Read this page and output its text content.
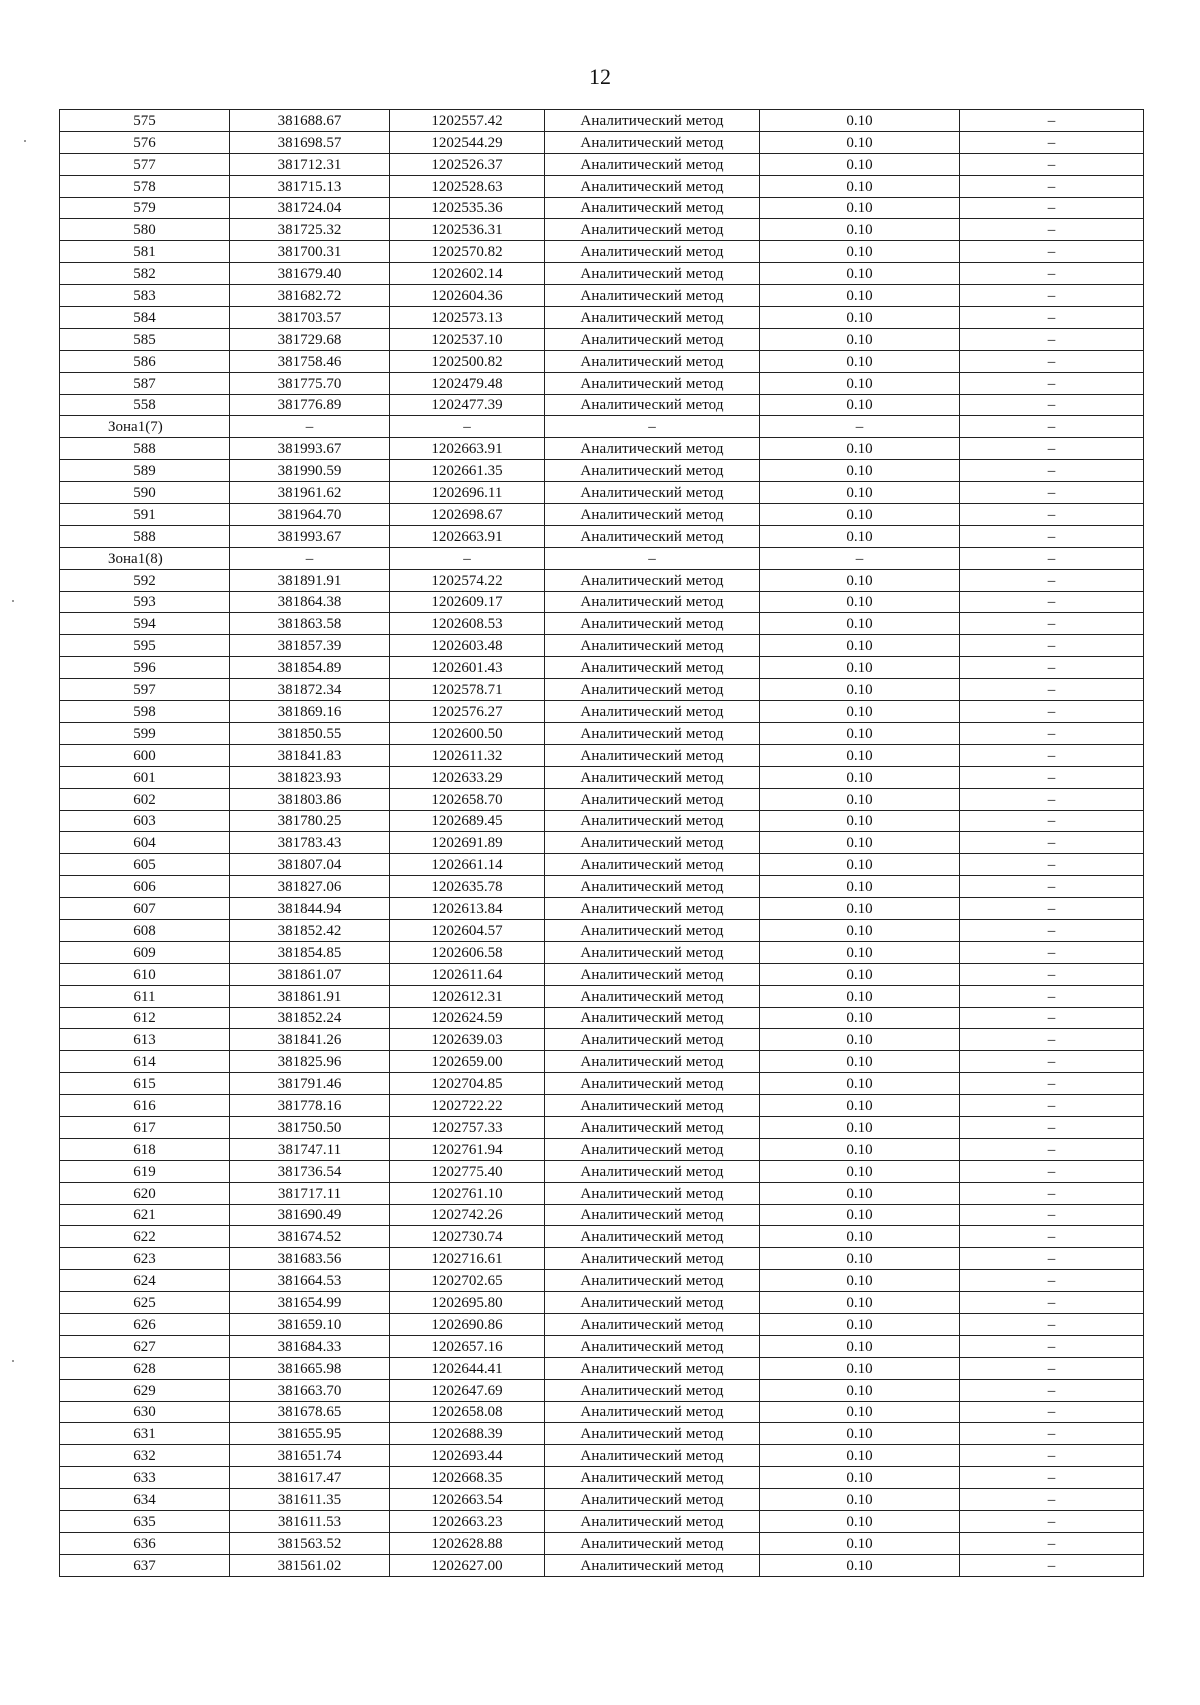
12
575	381688.67	1202557.42	Аналитический метод	0.10	–
576	381698.57	1202544.29	Аналитический метод	0.10	–
577	381712.31	1202526.37	Аналитический метод	0.10	–
578	381715.13	1202528.63	Аналитический метод	0.10	–
579	381724.04	1202535.36	Аналитический метод	0.10	–
580	381725.32	1202536.31	Аналитический метод	0.10	–
581	381700.31	1202570.82	Аналитический метод	0.10	–
582	381679.40	1202602.14	Аналитический метод	0.10	–
583	381682.72	1202604.36	Аналитический метод	0.10	–
584	381703.57	1202573.13	Аналитический метод	0.10	–
585	381729.68	1202537.10	Аналитический метод	0.10	–
586	381758.46	1202500.82	Аналитический метод	0.10	–
587	381775.70	1202479.48	Аналитический метод	0.10	–
558	381776.89	1202477.39	Аналитический метод	0.10	–
Зона1(7)	–	–	–	–	–
588	381993.67	1202663.91	Аналитический метод	0.10	–
589	381990.59	1202661.35	Аналитический метод	0.10	–
590	381961.62	1202696.11	Аналитический метод	0.10	–
591	381964.70	1202698.67	Аналитический метод	0.10	–
588	381993.67	1202663.91	Аналитический метод	0.10	–
Зона1(8)	–	–	–	–	–
592	381891.91	1202574.22	Аналитический метод	0.10	–
593	381864.38	1202609.17	Аналитический метод	0.10	–
594	381863.58	1202608.53	Аналитический метод	0.10	–
595	381857.39	1202603.48	Аналитический метод	0.10	–
596	381854.89	1202601.43	Аналитический метод	0.10	–
597	381872.34	1202578.71	Аналитический метод	0.10	–
598	381869.16	1202576.27	Аналитический метод	0.10	–
599	381850.55	1202600.50	Аналитический метод	0.10	–
600	381841.83	1202611.32	Аналитический метод	0.10	–
601	381823.93	1202633.29	Аналитический метод	0.10	–
602	381803.86	1202658.70	Аналитический метод	0.10	–
603	381780.25	1202689.45	Аналитический метод	0.10	–
604	381783.43	1202691.89	Аналитический метод	0.10	–
605	381807.04	1202661.14	Аналитический метод	0.10	–
606	381827.06	1202635.78	Аналитический метод	0.10	–
607	381844.94	1202613.84	Аналитический метод	0.10	–
608	381852.42	1202604.57	Аналитический метод	0.10	–
609	381854.85	1202606.58	Аналитический метод	0.10	–
610	381861.07	1202611.64	Аналитический метод	0.10	–
611	381861.91	1202612.31	Аналитический метод	0.10	–
612	381852.24	1202624.59	Аналитический метод	0.10	–
613	381841.26	1202639.03	Аналитический метод	0.10	–
614	381825.96	1202659.00	Аналитический метод	0.10	–
615	381791.46	1202704.85	Аналитический метод	0.10	–
616	381778.16	1202722.22	Аналитический метод	0.10	–
617	381750.50	1202757.33	Аналитический метод	0.10	–
618	381747.11	1202761.94	Аналитический метод	0.10	–
619	381736.54	1202775.40	Аналитический метод	0.10	–
620	381717.11	1202761.10	Аналитический метод	0.10	–
621	381690.49	1202742.26	Аналитический метод	0.10	–
622	381674.52	1202730.74	Аналитический метод	0.10	–
623	381683.56	1202716.61	Аналитический метод	0.10	–
624	381664.53	1202702.65	Аналитический метод	0.10	–
625	381654.99	1202695.80	Аналитический метод	0.10	–
626	381659.10	1202690.86	Аналитический метод	0.10	–
627	381684.33	1202657.16	Аналитический метод	0.10	–
628	381665.98	1202644.41	Аналитический метод	0.10	–
629	381663.70	1202647.69	Аналитический метод	0.10	–
630	381678.65	1202658.08	Аналитический метод	0.10	–
631	381655.95	1202688.39	Аналитический метод	0.10	–
632	381651.74	1202693.44	Аналитический метод	0.10	–
633	381617.47	1202668.35	Аналитический метод	0.10	–
634	381611.35	1202663.54	Аналитический метод	0.10	–
635	381611.53	1202663.23	Аналитический метод	0.10	–
636	381563.52	1202628.88	Аналитический метод	0.10	–
637	381561.02	1202627.00	Аналитический метод	0.10	–
